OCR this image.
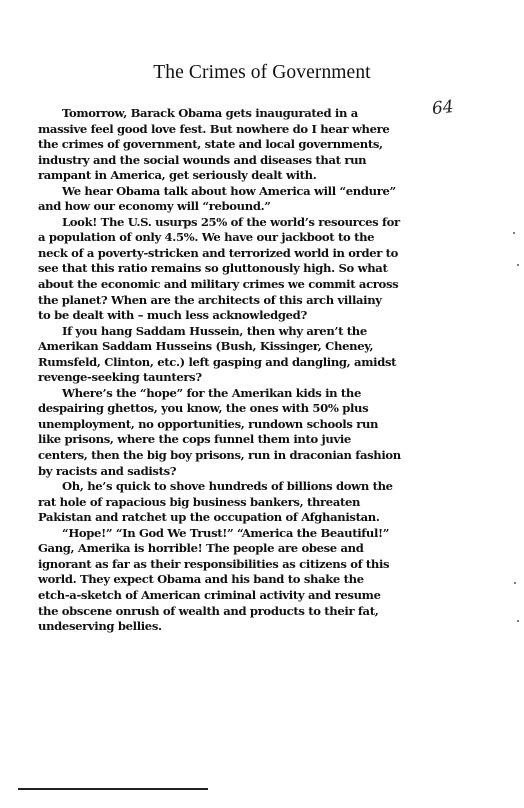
The Crimes of Government
64
Tomorrow, Barack Obama gets inaugurated in a
massive feel good love fest. But nowhere do I hear where
the crimes of government, state and local governments,
industry and the social wounds and diseases that run
rampant in America, get seriously dealt with.
We hear Obama talk about how America will “endure”
and how our economy will “rebound.”
Look! The U.S. usurps 25% of the world’s resources for
a population of only 4.5%. We have our jackboot to the
neck of a poverty-stricken and terrorized world in order to
see that this ratio remains so gluttonously high. So what
about the economic and military crimes we commit across
the planet? When are the architects of this arch villainy
to be dealt with – much less acknowledged?
If you hang Saddam Hussein, then why aren’t the
Amerikan Saddam Husseins (Bush, Kissinger, Cheney,
Rumsfeld, Clinton, etc.) left gasping and dangling, amidst
revenge-seeking taunters?
Where’s the “hope” for the Amerikan kids in the
despairing ghettos, you know, the ones with 50% plus
unemployment, no opportunities, rundown schools run
like prisons, where the cops funnel them into juvie
centers, then the big boy prisons, run in draconian fashion
by racists and sadists?
Oh, he’s quick to shove hundreds of billions down the
rat hole of rapacious big business bankers, threaten
Pakistan and ratchet up the occupation of Afghanistan.
“Hope!” “In God We Trust!” “America the Beautiful!”
Gang, Amerika is horrible! The people are obese and
ignorant as far as their responsibilities as citizens of this
world. They expect Obama and his band to shake the
etch-a-sketch of American criminal activity and resume
the obscene onrush of wealth and products to their fat,
undeserving bellies.
